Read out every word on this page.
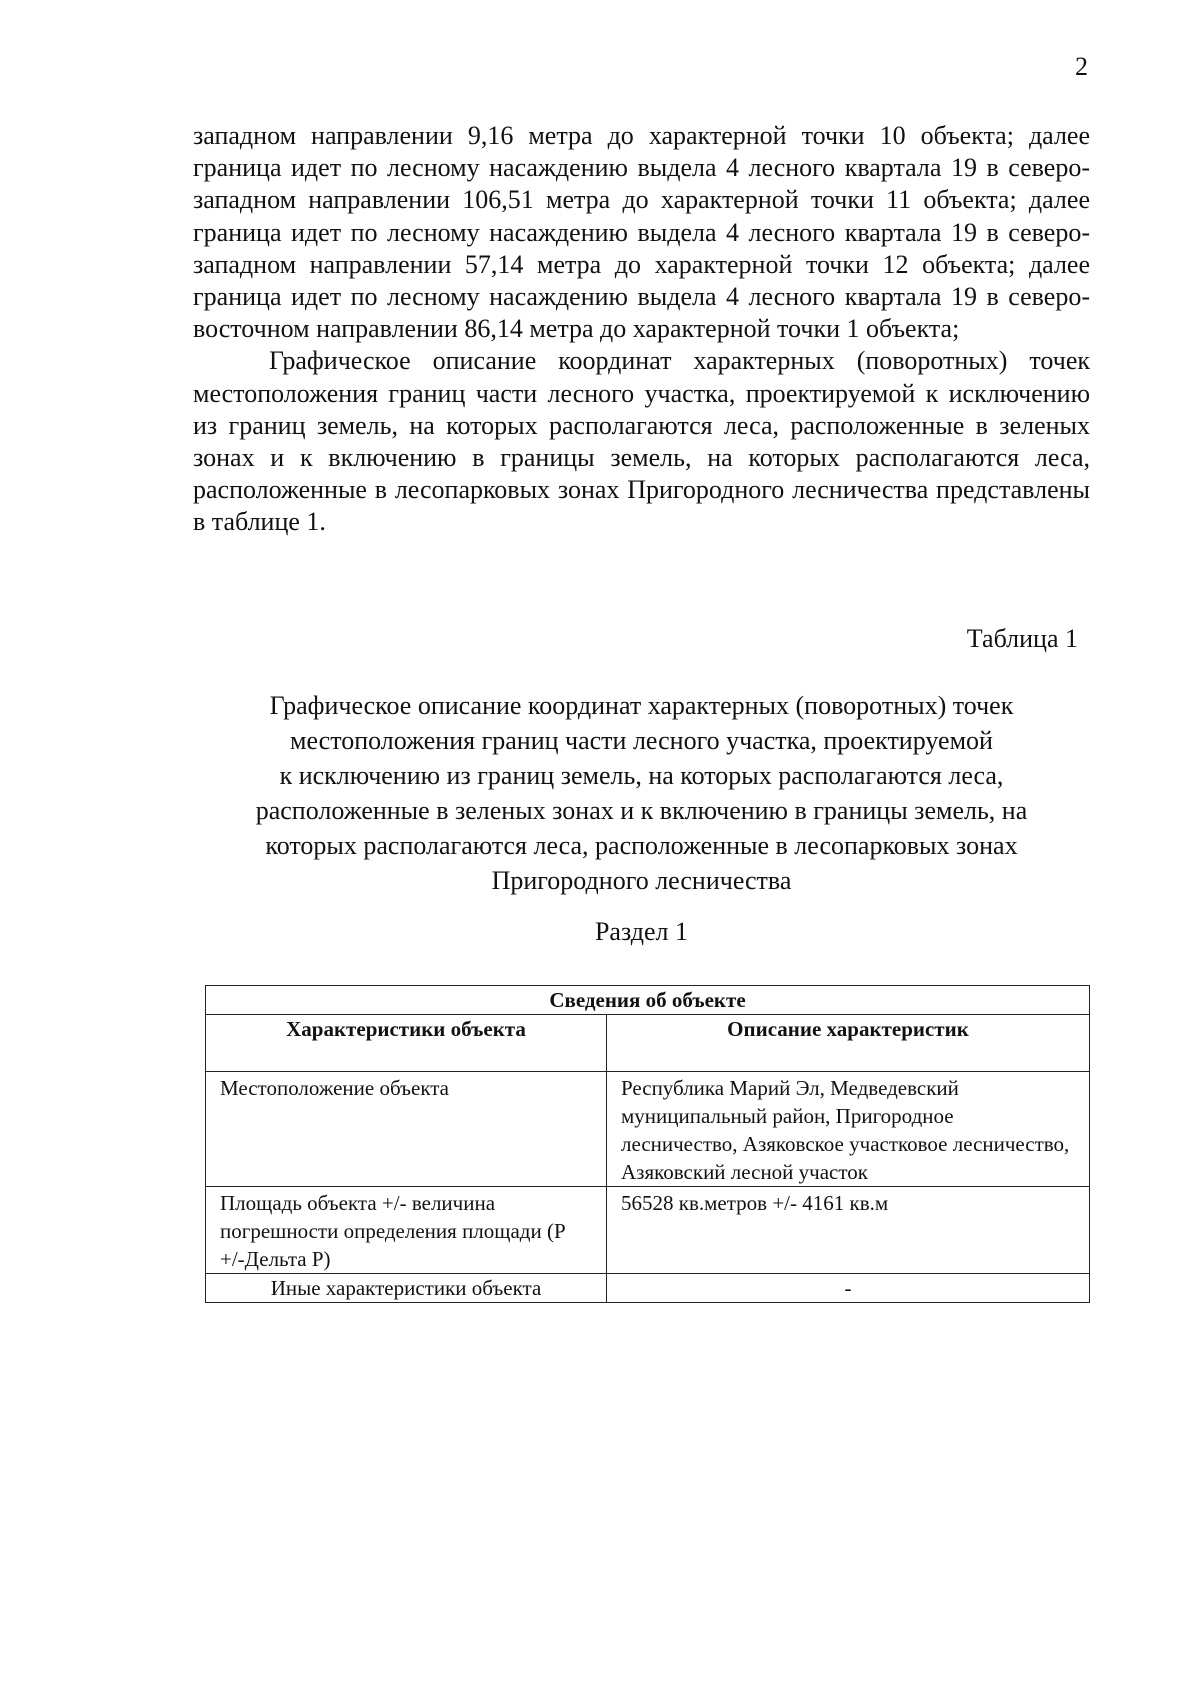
2

западном направлении 9,16 метра до характерной точки 10 объекта; далее граница идет по лесному насаждению выдела 4 лесного квартала 19 в северо-западном направлении 106,51 метра до характерной точки 11 объекта; далее граница идет по лесному насаждению выдела 4 лесного квартала 19 в северо-западном направлении 57,14 метра до характерной точки 12 объекта; далее граница идет по лесному насаждению выдела 4 лесного квартала 19 в северо-восточном направлении 86,14 метра до характерной точки 1 объекта;

Графическое описание координат характерных (поворотных) точек местоположения границ части лесного участка, проектируемой к исключению из границ земель, на которых располагаются леса, расположенные в зеленых зонах и к включению в границы земель, на которых располагаются леса, расположенные в лесопарковых зонах Пригородного лесничества представлены в таблице 1.

Таблица 1
Графическое описание координат характерных (поворотных) точек
местоположения границ части лесного участка, проектируемой
к исключению из границ земель, на которых располагаются леса,
расположенные в зеленых зонах и к включению в границы земель, на
которых располагаются леса, расположенные в лесопарковых зонах
Пригородного лесничества
Раздел 1
Сведения об объекте	
Характеристики объекта	Описание характеристик
Местоположение объекта	Республика Марий Эл, Медведевский муниципальный район, Пригородное лесничество, Азяковское участковое лесничество, Азяковский лесной участок
Площадь объекта +/- величина погрешности определения площади (P +/-Дельта P)	56528 кв.метров +/- 4161 кв.м
Иные характеристики объекта	-
